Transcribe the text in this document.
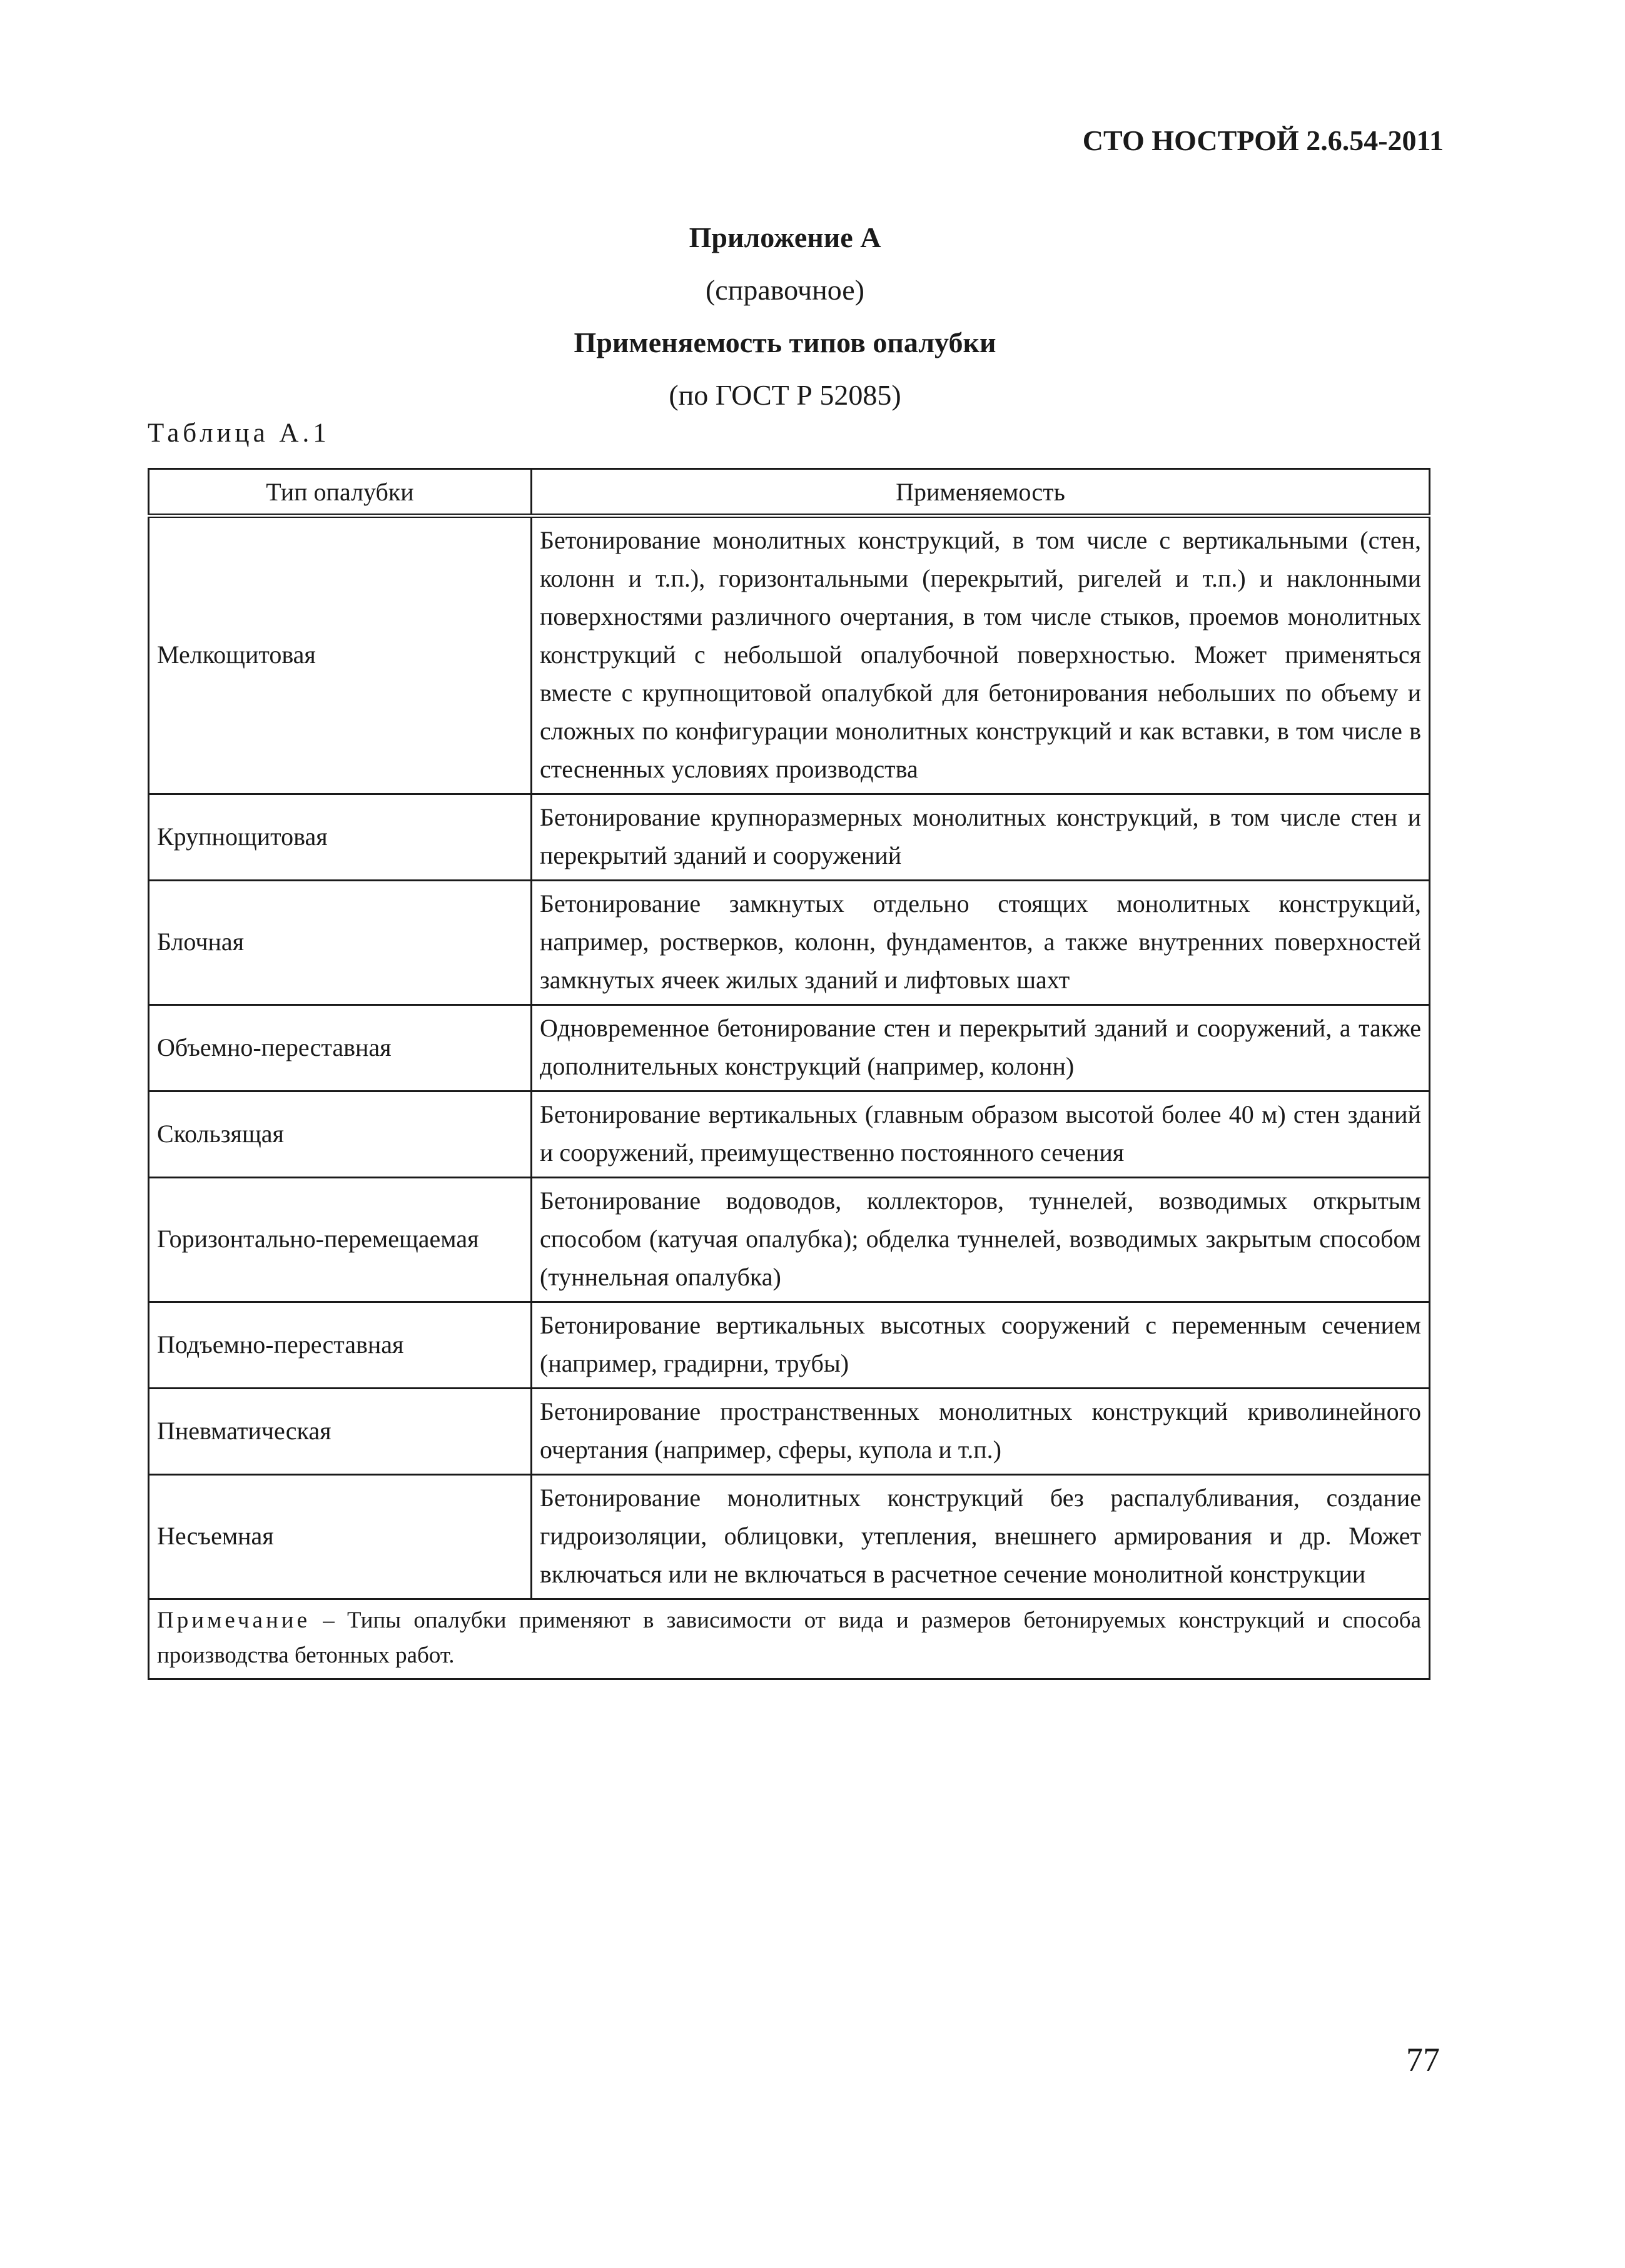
СТО НОСТРОЙ 2.6.54-2011
Приложение А
(справочное)
Применяемость типов опалубки
(по ГОСТ Р 52085)
Таблица А.1
Тип опалубки	Применяемость
Мелкощитовая	Бетонирование монолитных конструкций, в том числе с вертикальными (стен, колонн и т.п.), горизонтальными (перекрытий, ригелей и т.п.) и наклонными поверхностями различного очертания, в том числе стыков, проемов монолитных конструкций с небольшой опалубочной поверхностью. Может применяться вместе с крупнощитовой опалубкой для бетонирования небольших по объему и сложных по конфигурации монолитных конструкций и как вставки, в том числе в стесненных условиях производства
Крупнощитовая	Бетонирование крупноразмерных монолитных конструкций, в том числе стен и перекрытий зданий и сооружений
Блочная	Бетонирование замкнутых отдельно стоящих монолитных конструкций, например, ростверков, колонн, фундаментов, а также внутренних поверхностей замкнутых ячеек жилых зданий и лифтовых шахт
Объемно-переставная	Одновременное бетонирование стен и перекрытий зданий и сооружений, а также дополнительных конструкций (например, колонн)
Скользящая	Бетонирование вертикальных (главным образом высотой более 40 м) стен зданий и сооружений, преимущественно постоянного сечения
Горизонтально-перемещаемая	Бетонирование водоводов, коллекторов, туннелей, возводимых открытым способом (катучая опалубка); обделка туннелей, возводимых закрытым способом (туннельная опалубка)
Подъемно-переставная	Бетонирование вертикальных высотных сооружений с переменным сечением (например, градирни, трубы)
Пневматическая	Бетонирование пространственных монолитных конструкций криволинейного очертания (например, сферы, купола и т.п.)
Несъемная	Бетонирование монолитных конструкций без распалубливания, создание гидроизоляции, облицовки, утепления, внешнего армирования и др. Может включаться или не включаться в расчетное сечение монолитной конструкции
Примечание – Типы опалубки применяют в зависимости от вида и размеров бетонируемых конструкций и способа производства бетонных работ.	
77
